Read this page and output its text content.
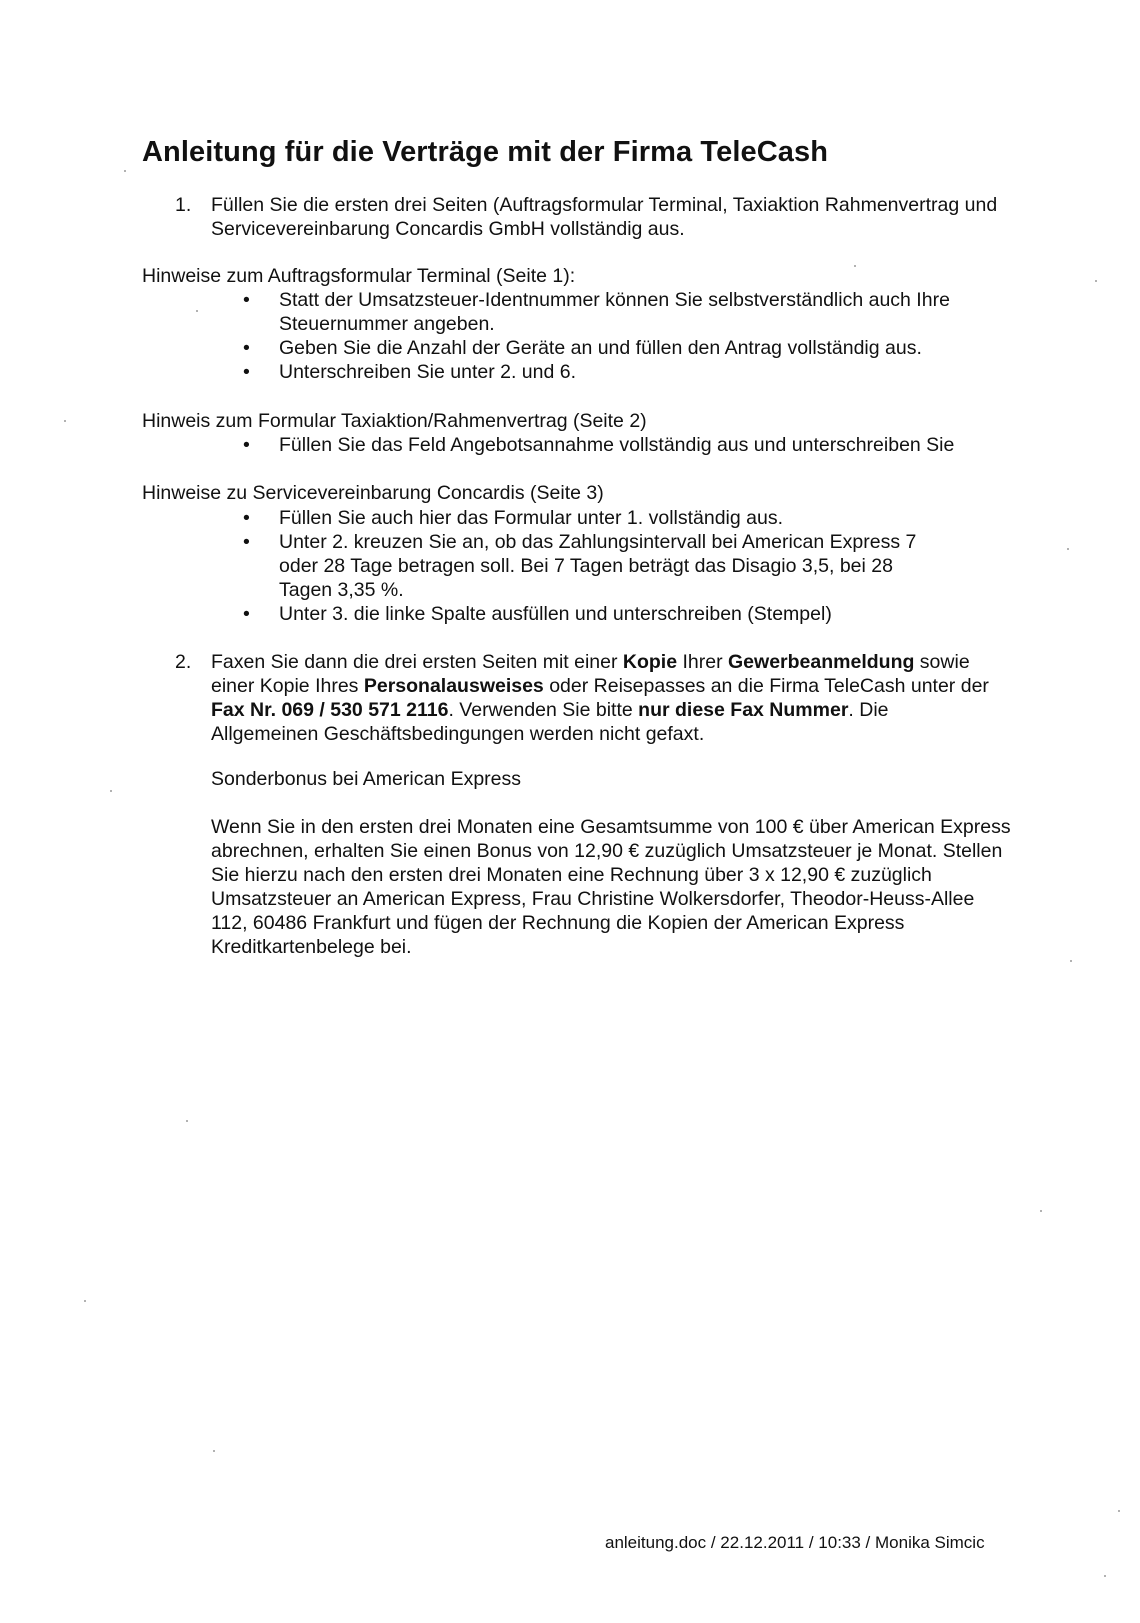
Anleitung für die Verträge mit der Firma TeleCash
1. Füllen Sie die ersten drei Seiten (Auftragsformular Terminal, Taxiaktion Rahmenvertrag und Servicevereinbarung Concardis GmbH vollständig aus.
Hinweise zum Auftragsformular Terminal (Seite 1):
• Statt der Umsatzsteuer-Identnummer können Sie selbstverständlich auch Ihre Steuernummer angeben.
• Geben Sie die Anzahl der Geräte an und füllen den Antrag vollständig aus.
• Unterschreiben Sie unter 2. und 6.
Hinweis zum Formular Taxiaktion/Rahmenvertrag (Seite 2)
• Füllen Sie das Feld Angebotsannahme vollständig aus und unterschreiben Sie
Hinweise zu Servicevereinbarung Concardis (Seite 3)
• Füllen Sie auch hier das Formular unter 1. vollständig aus.
• Unter 2. kreuzen Sie an, ob das Zahlungsintervall bei American Express 7 oder 28 Tage betragen soll. Bei 7 Tagen beträgt das Disagio 3,5, bei 28 Tagen 3,35 %.
• Unter 3. die linke Spalte ausfüllen und unterschreiben (Stempel)
2. Faxen Sie dann die drei ersten Seiten mit einer Kopie Ihrer Gewerbeanmeldung sowie einer Kopie Ihres Personalausweises oder Reisepasses an die Firma TeleCash unter der Fax Nr. 069 / 530 571 2116. Verwenden Sie bitte nur diese Fax Nummer. Die Allgemeinen Geschäftsbedingungen werden nicht gefaxt.
Sonderbonus bei American Express
Wenn Sie in den ersten drei Monaten eine Gesamtsumme von 100 € über American Express abrechnen, erhalten Sie einen Bonus von 12,90 € zuzüglich Umsatzsteuer je Monat. Stellen Sie hierzu nach den ersten drei Monaten eine Rechnung über 3 x 12,90 € zuzüglich Umsatzsteuer an American Express, Frau Christine Wolkersdorfer, Theodor-Heuss-Allee 112, 60486 Frankfurt und fügen der Rechnung die Kopien der American Express Kreditkartenbelege bei.
anleitung.doc / 22.12.2011 / 10:33 / Monika Simcic
